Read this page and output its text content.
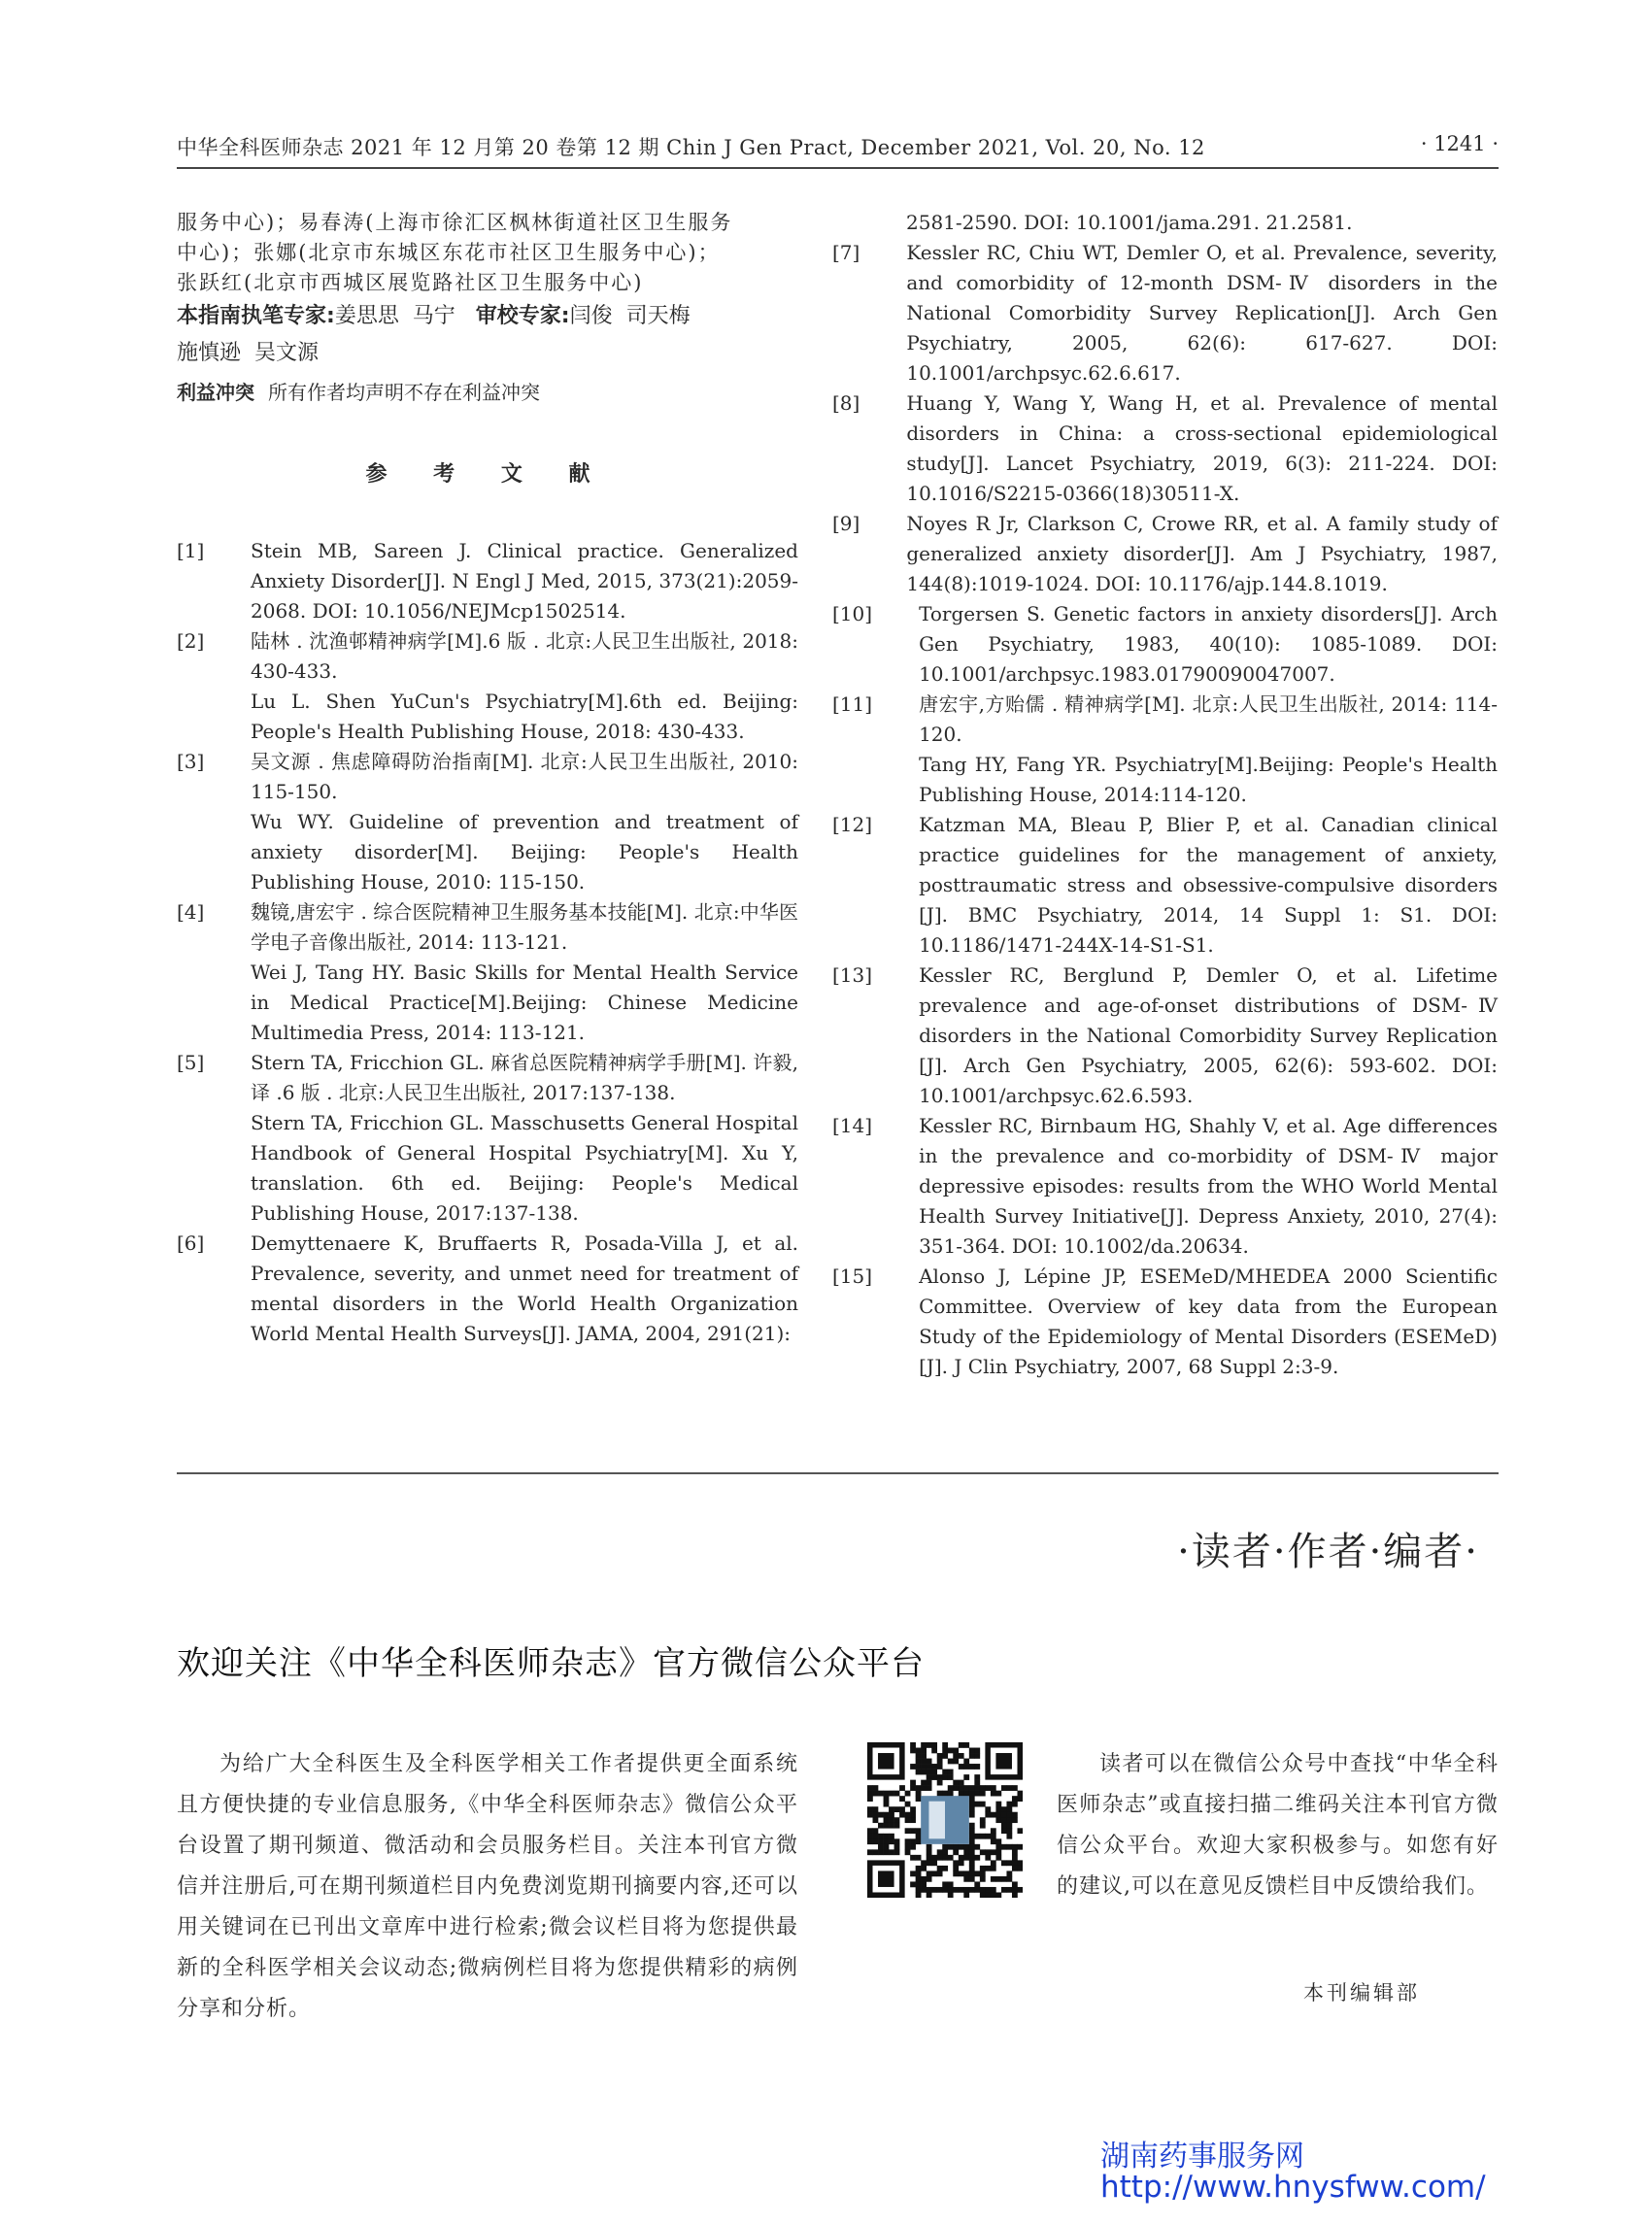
中华全科医师杂志 2021 年 12 月第 20 卷第 12 期 Chin J Gen Pract, December 2021, Vol. 20, No. 12	· 1241 ·

服务中心)；易春涛(上海市徐汇区枫林街道社区卫生服务

中心)；张娜(北京市东城区东花市社区卫生服务中心)；

张跃红(北京市西城区展览路社区卫生服务中心)

本指南执笔专家:姜思思  马宁 审校专家:闫俊  司天梅

施慎逊  吴文源

利益冲突 所有作者均声明不存在利益冲突

参 考 文 献
[1]	Stein MB, Sareen J. Clinical practice. Generalized Anxiety Disorder[J]. N Engl J Med, 2015, 373(21):2059-2068. DOI: 10.1056/NEJMcp1502514.
[2]	陆林 . 沈渔邨精神病学[M].6 版 . 北京:人民卫生出版社, 2018: 430-433.
Lu L. Shen YuCun's Psychiatry[M].6th ed. Beijing: People's Health Publishing House, 2018: 430-433.
[3]	吴文源 . 焦虑障碍防治指南[M]. 北京:人民卫生出版社, 2010: 115-150.
Wu WY. Guideline of prevention and treatment of anxiety disorder[M]. Beijing: People's Health Publishing House, 2010: 115-150.
[4]	魏镜,唐宏宇 . 综合医院精神卫生服务基本技能[M]. 北京:中华医学电子音像出版社, 2014: 113-121.
Wei J, Tang HY. Basic Skills for Mental Health Service in Medical Practice[M].Beijing: Chinese Medicine Multimedia Press, 2014: 113-121.
[5]	Stern TA, Fricchion GL. 麻省总医院精神病学手册[M]. 许毅, 译 .6 版 . 北京:人民卫生出版社, 2017:137-138.
Stern TA, Fricchion GL. Masschusetts General Hospital Handbook of General Hospital Psychiatry[M]. Xu Y, translation. 6th ed. Beijing: People's Medical Publishing House, 2017:137-138.
[6]	Demyttenaere K, Bruffaerts R, Posada-Villa J, et al. Prevalence, severity, and unmet need for treatment of mental disorders in the World Health Organization World Mental Health Surveys[J]. JAMA, 2004, 291(21):
2581-2590. DOI: 10.1001/jama.291. 21.2581.
[7] Kessler RC, Chiu WT, Demler O, et al. Prevalence, severity, and comorbidity of 12-month DSM-Ⅳ disorders in the National Comorbidity Survey Replication[J]. Arch Gen Psychiatry, 2005, 62(6): 617-627. DOI: 10.1001/archpsyc.62.6.617.
[8] Huang Y, Wang Y, Wang H, et al. Prevalence of mental disorders in China: a cross-sectional epidemiological study[J]. Lancet Psychiatry, 2019, 6(3): 211-224. DOI: 10.1016/S2215-0366(18)30511-X.
[9] Noyes R Jr, Clarkson C, Crowe RR, et al. A family study of generalized anxiety disorder[J]. Am J Psychiatry, 1987, 144(8):1019-1024. DOI: 10.1176/ajp.144.8.1019.
[10] Torgersen S. Genetic factors in anxiety disorders[J]. Arch Gen Psychiatry, 1983, 40(10): 1085-1089. DOI: 10.1001/archpsyc.1983.01790090047007.
[11] 唐宏宇,方贻儒 . 精神病学[M]. 北京:人民卫生出版社, 2014: 114-120.
Tang HY, Fang YR. Psychiatry[M].Beijing: People's Health Publishing House, 2014:114-120.
[12] Katzman MA, Bleau P, Blier P, et al. Canadian clinical practice guidelines for the management of anxiety, posttraumatic stress and obsessive-compulsive disorders [J]. BMC Psychiatry, 2014, 14 Suppl 1: S1. DOI: 10.1186/1471-244X-14-S1-S1.
[13] Kessler RC, Berglund P, Demler O, et al. Lifetime prevalence and age-of-onset distributions of DSM-Ⅳ disorders in the National Comorbidity Survey Replication [J]. Arch Gen Psychiatry, 2005, 62(6): 593-602. DOI: 10.1001/archpsyc.62.6.593.
[14] Kessler RC, Birnbaum HG, Shahly V, et al. Age differences in the prevalence and co-morbidity of DSM-Ⅳ major depressive episodes: results from the WHO World Mental Health Survey Initiative[J]. Depress Anxiety, 2010, 27(4): 351-364. DOI: 10.1002/da.20634.
[15] Alonso J, Lépine JP, ESEMeD/MHEDEA 2000 Scientific Committee. Overview of key data from the European Study of the Epidemiology of Mental Disorders (ESEMeD) [J]. J Clin Psychiatry, 2007, 68 Suppl 2:3-9.
·读者·作者·编者·
欢迎关注《中华全科医师杂志》官方微信公众平台
为给广大全科医生及全科医学相关工作者提供更全面系统且方便快捷的专业信息服务,《中华全科医师杂志》微信公众平台设置了期刊频道、微活动和会员服务栏目。关注本刊官方微信并注册后,可在期刊频道栏目内免费浏览期刊摘要内容,还可以用关键词在已刊出文章库中进行检索;微会议栏目将为您提供最新的全科医学相关会议动态;微病例栏目将为您提供精彩的病例分享和分析。
读者可以在微信公众号中查找“中华全科医师杂志”或直接扫描二维码关注本刊官方微信公众平台。欢迎大家积极参与。如您有好的建议,可以在意见反馈栏目中反馈给我们。
本刊编辑部
湖南药事服务网
http://www.hnysfww.com/
